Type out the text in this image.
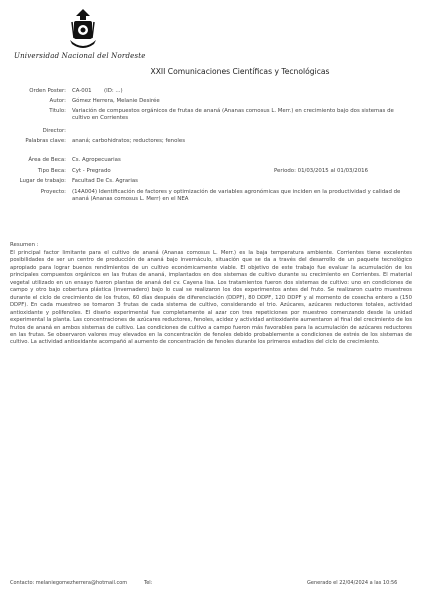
Universidad Nacional del Nordeste
XXII Comunicaciones Científicas y Tecnológicas
Orden Poster: CA-001 (ID: ...)
Autor: Gómez Herrera, Melanie Desirée
Titulo: Variación de compuestos orgánicos de frutas de ananá (Ananas comosus L. Merr.) en crecimiento bajo dos sistemas de cultivo en Corrientes
Director:
Palabras clave: ananá; carbohidratos; reductores; fenoles
Área de Beca: Cs. Agropecuarias
Tipo Beca: Cyt - Pregrado	Periodo: 01/03/2015 al 01/03/2016
Lugar de trabajo: Facultad De Cs. Agrarias
Proyecto: (14A004) Identificación de factores y optimización de variables agronómicas que inciden en la productividad y calidad de ananá (Ananas comosus L. Merr) en el NEA
Resumen :
El principal factor limitante para el cultivo de ananá (Ananas comosus L. Merr.) es la baja temperatura ambiente. Corrientes tiene excelentes posibilidades de ser un centro de producción de ananá bajo invernáculo, situación que se da a través del desarrollo de un paquete tecnológico apropiado para lograr buenos rendimientos de un cultivo económicamente viable. El objetivo de este trabajo fue evaluar la acumulación de los principales compuestos orgánicos en las frutas de ananá, implantados en dos sistemas de cultivo durante su crecimiento en Corrientes. El material vegetal utilizado en un ensayo fueron plantas de ananá del cv. Cayena lisa. Los tratamientos fueron dos sistemas de cultivo: uno en condiciones de campo y otro bajo cobertura plástica (invernadero) bajo lo cual se realizaron los dos experimentos antes del fruto. Se realizaron cuatro muestreos durante el ciclo de crecimiento de los frutos, 60 días después de diferenciación (DDPF), 80 DDPF, 120 DDPF y al momento de cosecha entero a (150 DDPF). En cada muestreo se tomaron 3 frutas de cada sistema de cultivo, considerando el trio. Azúcares, azúcares reductores totales, actividad antioxidante y polifenoles. El diseño experimental fue completamente al azar con tres repeticiones por muestreo comenzando desde la unidad experimental la planta. Las concentraciones de azúcares reductores, fenoles, acidez y actividad antioxidante aumentaron al final del crecimiento de los frutos de ananá en ambos sistemas de cultivo. Las condiciones de cultivo a campo fueron más favorables para la acumulación de azúcares reductores en las frutas. Se observaron valores muy elevados en la concentración de fenoles debido probablemente a condiciones de estrés de los sistemas de cultivo. La actividad antioxidante acompañó al aumento de concentración de fenoles durante los primeros estadios del ciclo de crecimiento.
Contacto: melaniegomezherrera@hotmail.com	Tel:	Generado el 22/04/2024 a las 10:56
